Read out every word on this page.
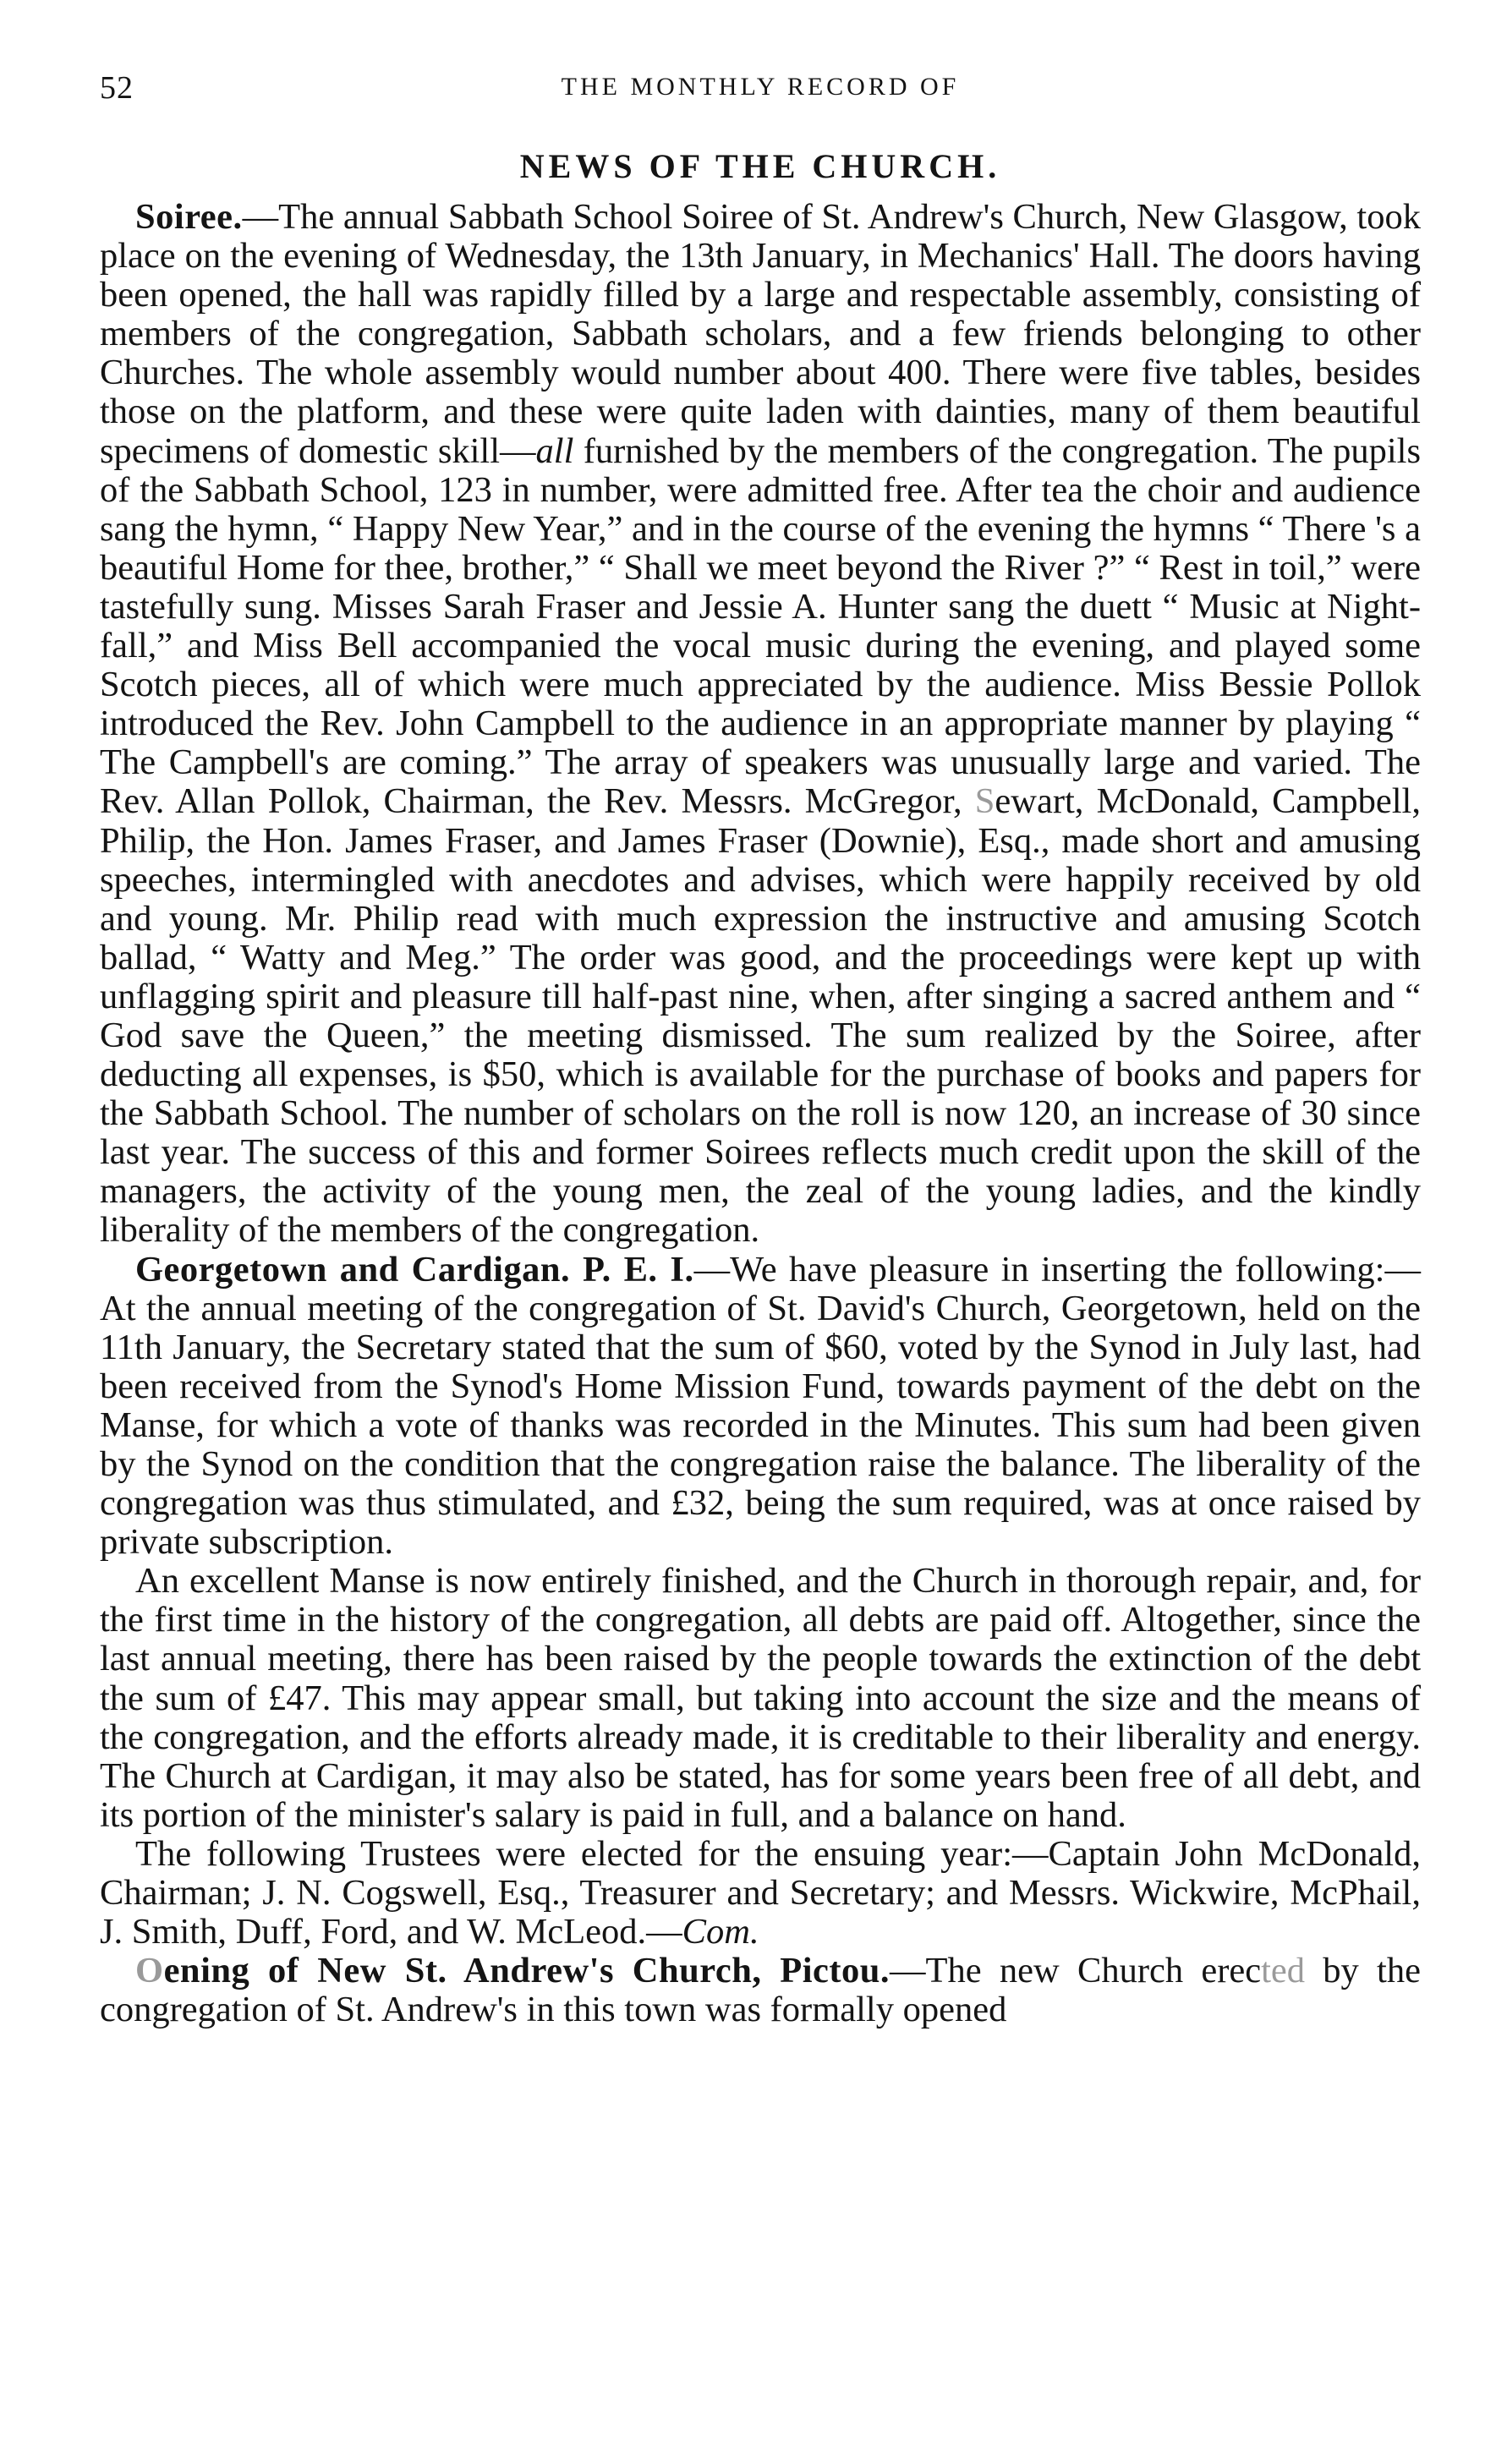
52	THE MONTHLY RECORD OF
NEWS OF THE CHURCH.

Soiree.—The annual Sabbath School Soiree of St. Andrew's Church, New Glasgow, took place on the evening of Wednesday, the 13th January, in Mechanics' Hall. The doors having been opened, the hall was rapidly filled by a large and respectable assembly, consisting of members of the congregation, Sabbath scholars, and a few friends belonging to other Churches. The whole assembly would number about 400. There were five tables, besides those on the platform, and these were quite laden with dainties, many of them beautiful specimens of domestic skill—all furnished by the members of the congregation. The pupils of the Sabbath School, 123 in number, were admitted free. After tea the choir and audience sang the hymn, “ Happy New Year,” and in the course of the evening the hymns “ There 's a beautiful Home for thee, brother,” “ Shall we meet beyond the River ?” “ Rest in toil,” were tastefully sung. Misses Sarah Fraser and Jessie A. Hunter sang the duett “ Music at Night-fall,” and Miss Bell accompanied the vocal music during the evening, and played some Scotch pieces, all of which were much appreciated by the audience. Miss Bessie Pollok introduced the Rev. John Campbell to the audience in an appropriate manner by playing “ The Campbell's are coming.” The array of speakers was unusually large and varied. The Rev. Allan Pollok, Chairman, the Rev. Messrs. McGregor, Sewart, McDonald, Campbell, Philip, the Hon. James Fraser, and James Fraser (Downie), Esq., made short and amusing speeches, intermingled with anecdotes and advises, which were happily received by old and young. Mr. Philip read with much expression the instructive and amusing Scotch ballad, “ Watty and Meg.” The order was good, and the proceedings were kept up with unflagging spirit and pleasure till half-past nine, when, after singing a sacred anthem and “ God save the Queen,” the meeting dismissed. The sum realized by the Soiree, after deducting all expenses, is $50, which is available for the purchase of books and papers for the Sabbath School. The number of scholars on the roll is now 120, an increase of 30 since last year. The success of this and former Soirees reflects much credit upon the skill of the managers, the activity of the young men, the zeal of the young ladies, and the kindly liberality of the members of the congregation.

Georgetown and Cardigan. P. E. I.—We have pleasure in inserting the following:—At the annual meeting of the congregation of St. David's Church, Georgetown, held on the 11th January, the Secretary stated that the sum of $60, voted by the Synod in July last, had been received from the Synod's Home Mission Fund, towards payment of the debt on the Manse, for which a vote of thanks was recorded in the Minutes. This sum had been given by the Synod on the condition that the congregation raise the balance. The liberality of the congregation was thus stimulated, and £32, being the sum required, was at once raised by private subscription.

An excellent Manse is now entirely finished, and the Church in thorough repair, and, for the first time in the history of the congregation, all debts are paid off. Altogether, since the last annual meeting, there has been raised by the people towards the extinction of the debt the sum of £47. This may appear small, but taking into account the size and the means of the congregation, and the efforts already made, it is creditable to their liberality and energy. The Church at Cardigan, it may also be stated, has for some years been free of all debt, and its portion of the minister's salary is paid in full, and a balance on hand.

The following Trustees were elected for the ensuing year:—Captain John McDonald, Chairman; J. N. Cogswell, Esq., Treasurer and Secretary; and Messrs. Wickwire, McPhail, J. Smith, Duff, Ford, and W. McLeod.—Com.

Oening of New St. Andrew's Church, Pictou.—The new Church erected by the congregation of St. Andrew's in this town was formally opened
